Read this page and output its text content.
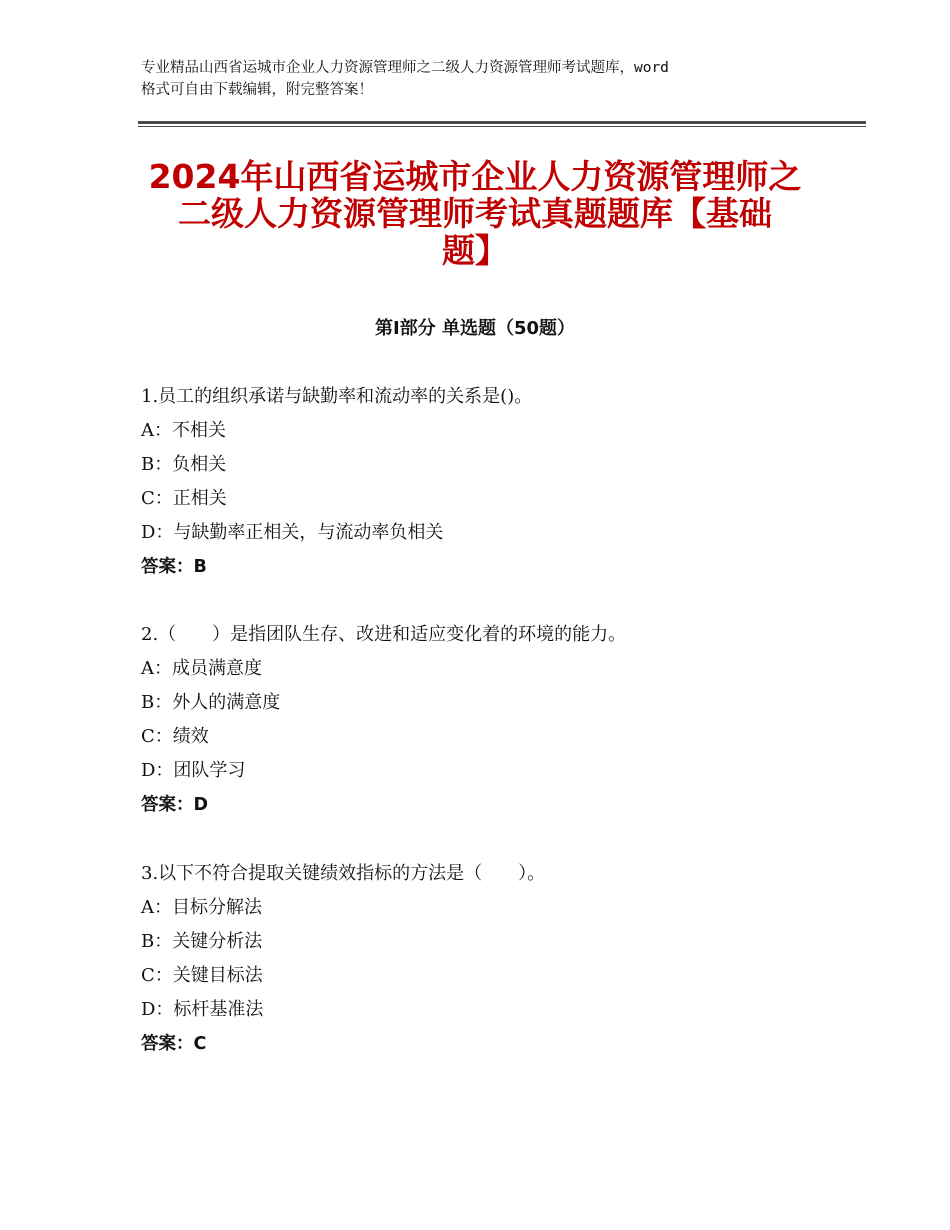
专业精品山西省运城市企业人力资源管理师之二级人力资源管理师考试题库，word
格式可自由下载编辑，附完整答案！
2024年山西省运城市企业人力资源管理师之
二级人力资源管理师考试真题题库【基础
题】
第Ⅰ部分 单选题（50题）
1.员工的组织承诺与缺勤率和流动率的关系是()。
A：不相关
B：负相关
C：正相关
D：与缺勤率正相关，与流动率负相关
答案：B
2.（　　）是指团队生存、改进和适应变化着的环境的能力。
A：成员满意度
B：外人的满意度
C：绩效
D：团队学习
答案：D
3.以下不符合提取关键绩效指标的方法是（　　）。
A：目标分解法
B：关键分析法
C：关键目标法
D：标杆基准法
答案：C
